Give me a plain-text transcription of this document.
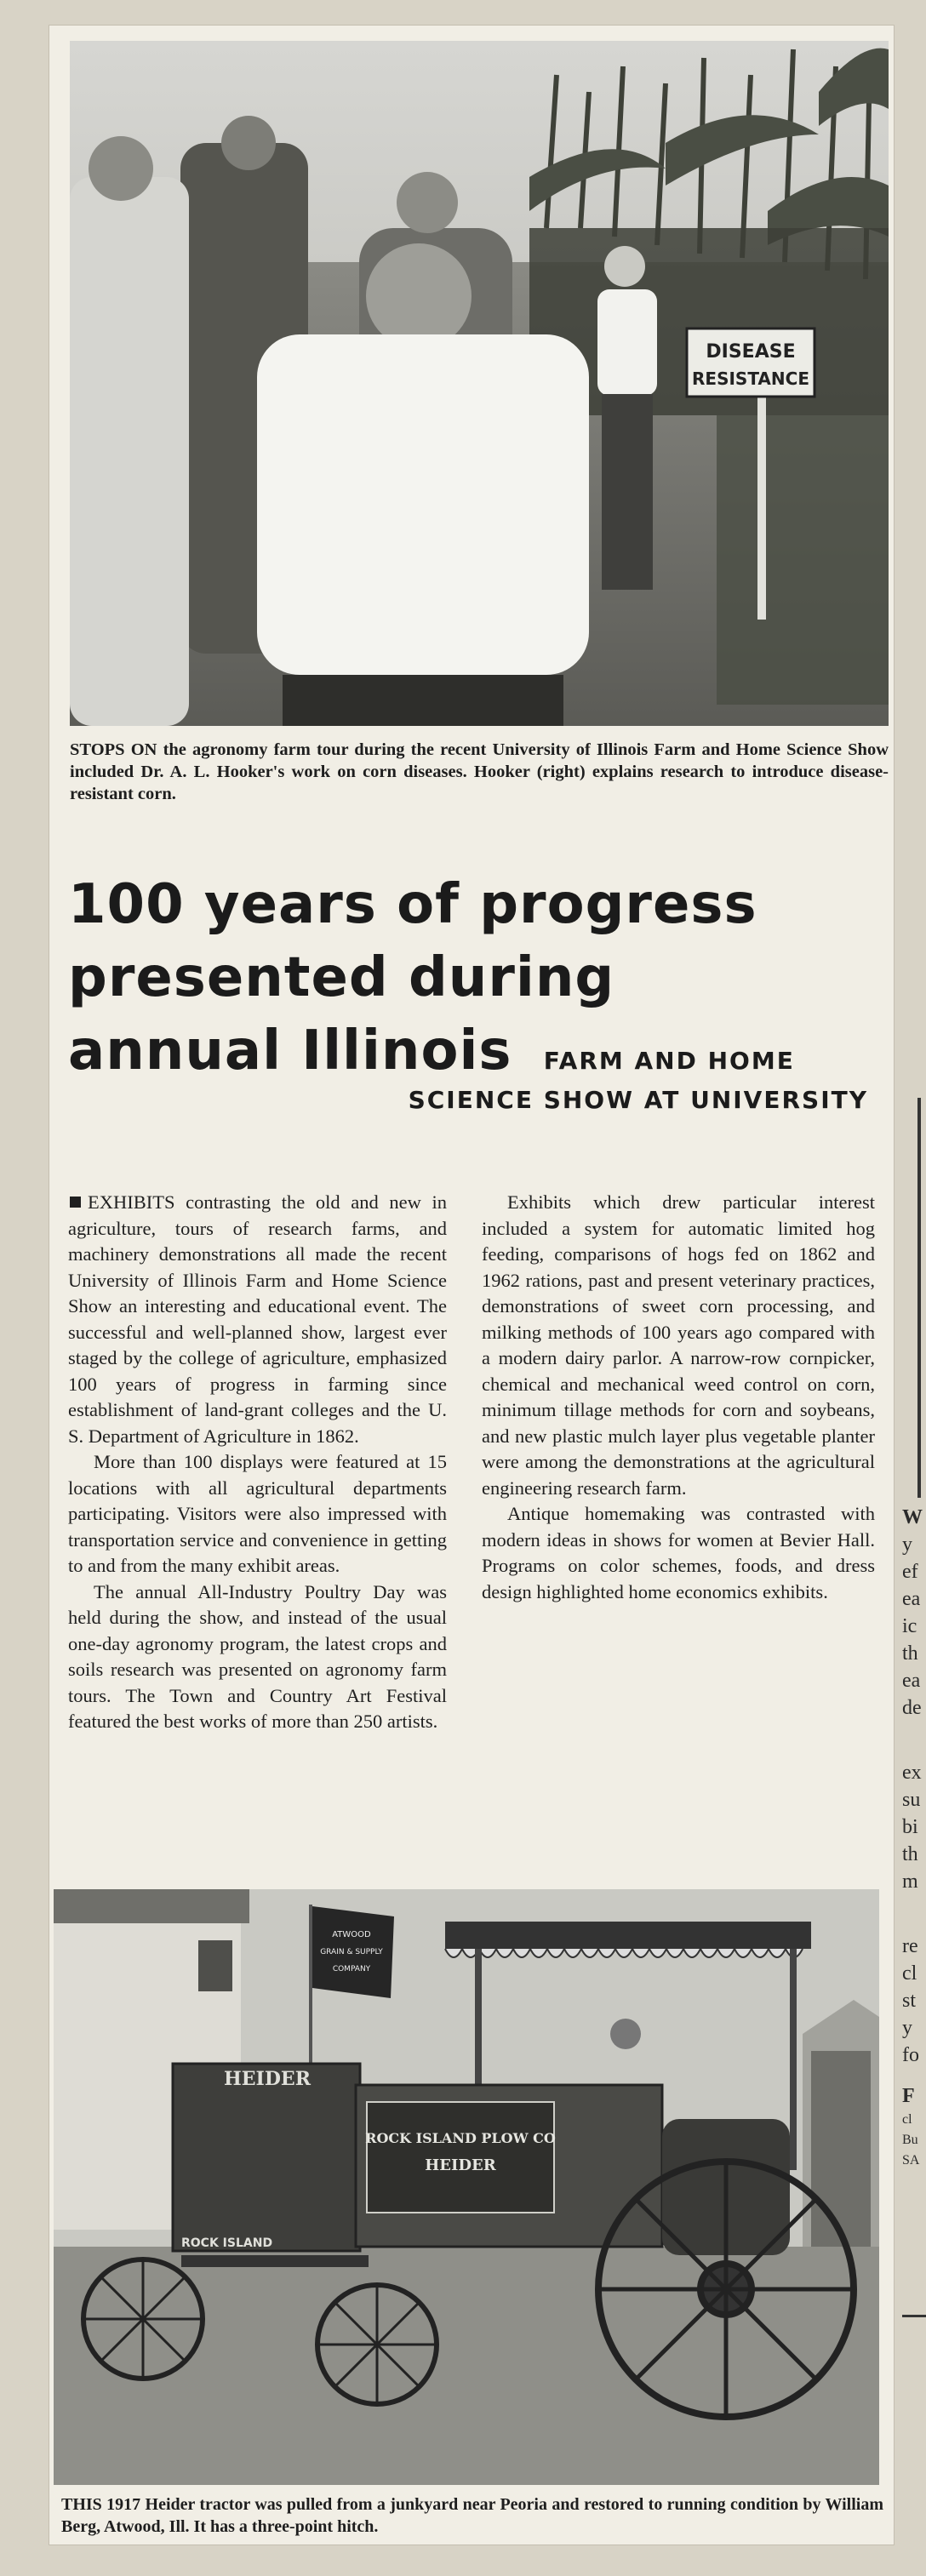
DISEASE
RESISTANCE
STOPS ON the agronomy farm tour during the recent University of Illinois Farm and Home Science Show included Dr. A. L. Hooker's work on corn diseases. Hooker (right) explains research to introduce disease-resistant corn.
100 years of progress
presented during
annual Illinois FARM AND HOME
SCIENCE SHOW AT UNIVERSITY

EXHIBITS contrasting the old and new in agriculture, tours of research farms, and machinery demonstrations all made the recent University of Illinois Farm and Home Science Show an interesting and educational event. The successful and well-planned show, largest ever staged by the college of agriculture, emphasized 100 years of progress in farming since establishment of land-grant colleges and the U. S. Department of Agriculture in 1862.

More than 100 displays were featured at 15 locations with all agricultural departments participating. Visitors were also impressed with transportation service and convenience in getting to and from the many exhibit areas.

The annual All-Industry Poultry Day was held during the show, and instead of the usual one-day agronomy program, the latest crops and soils research was presented on agronomy farm tours. The Town and Country Art Festival featured the best works of more than 250 artists.

Exhibits which drew particular interest included a system for automatic limited hog feeding, comparisons of hogs fed on 1862 and 1962 rations, past and present veterinary practices, demonstrations of sweet corn processing, and milking methods of 100 years ago compared with a modern dairy parlor. A narrow-row cornpicker, chemical and mechanical weed control on corn, minimum tillage methods for corn and soybeans, and new plastic mulch layer plus vegetable planter were among the demonstrations at the agricultural engineering research farm.

Antique homemaking was contrasted with modern ideas in shows for women at Bevier Hall. Programs on color schemes, foods, and dress design highlighted home economics exhibits.

ATWOOD
GRAIN & SUPPLY
COMPANY
HEIDER
ROCK ISLAND
ROCK ISLAND PLOW CO
HEIDER
THIS 1917 Heider tractor was pulled from a junkyard near Peoria and restored to running condition by William Berg, Atwood, Ill. It has a three-point hitch.
W
y
ef
ea
ic
th
ea
de
ex
su
bi
th
m
re
cl
st
y
fo
F
cl
Bu
SA
